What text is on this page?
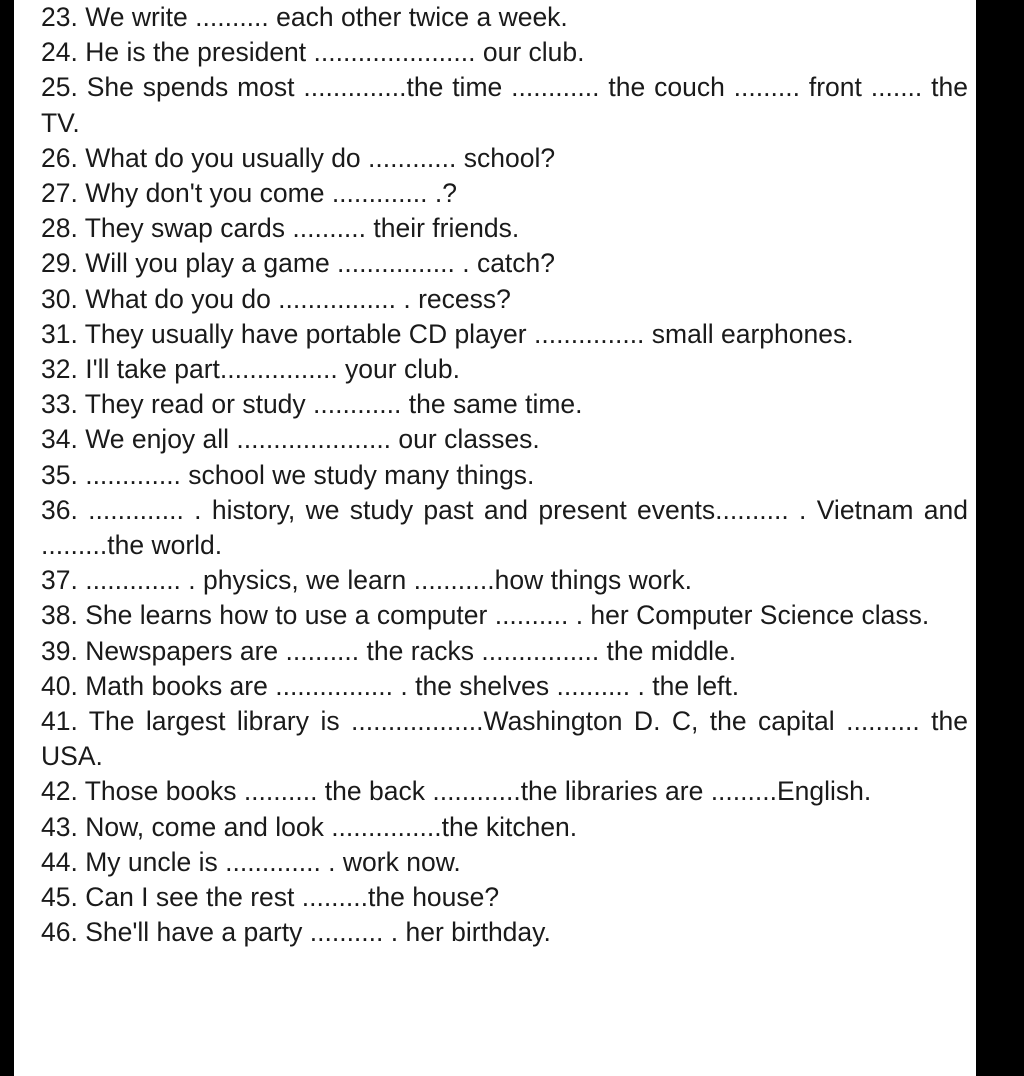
23. We write .......... each other twice a week.
24. He is the president ...................... our club.
25. She spends most ..............the time ............ the couch ......... front ....... the TV.
26. What do you usually do ............ school?
27. Why don't you come ............. .?
28. They swap cards .......... their friends.
29. Will you play a game ................ . catch?
30. What do you do ................ . recess?
31. They usually have portable CD player ............... small earphones.
32. I'll take part................ your club.
33. They read or study ............ the same time.
34. We enjoy all ..................... our classes.
35. ............. school we study many things.
36. ............. . history, we study past and present events.......... . Vietnam and .........the world.
37. ............. . physics, we learn ...........how things work.
38. She learns how to use a computer .......... . her Computer Science class.
39. Newspapers are .......... the racks ................ the middle.
40. Math books are ................ . the shelves .......... . the left.
41. The largest library is ..................Washington D. C, the capital .......... the USA.
42. Those books .......... the back ............the libraries are .........English.
43. Now, come and look ...............the kitchen.
44. My uncle is ............. . work now.
45. Can I see the rest .........the house?
46. She'll have a party .......... . her birthday.
